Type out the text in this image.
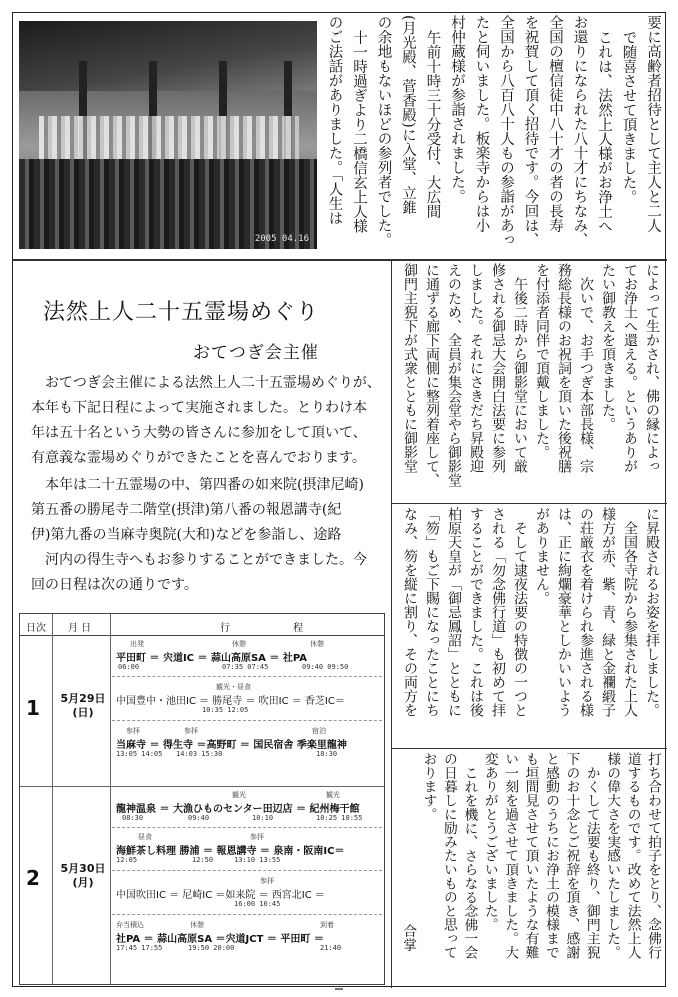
2005 04.16
要に高齢者招待として主人と二人
で随喜させて頂きました。
これは、法然上人様がお浄土へ
お還りになられた八十才にちなみ、
全国の檀信徒中八十才の者の長寿
を祝賀して頂く招待です。今回は、
全国から八百八十人もの参詣があっ
たと伺いました。板楽寺からは小
村仲蔵様が参詣されました。
午前十時三十分受付、大広間
(月光殿、菅香殿)に入堂、立錐
の余地もないほどの参列者でした。
十一時過ぎより二橋信玄上人様
のご法話がありました。「人生は
法然上人二十五霊場めぐり
おてつぎ会主催

おてつぎ会主催による法然上人二十五霊場めぐりが、

本年も下記日程によって実施されました。とりわけ本

年は五十名という大勢の皆さんに参加をして頂いて、

有意義な霊場めぐりができたことを喜んでおります。

本年は二十五霊場の中、第四番の如来院(摂津尼崎)

第五番の勝尾寺二階堂(摂津)第八番の報恩講寺(紀

伊)第九番の当麻寺奥院(大和)などを参詣し、途路

河内の得生寺へもお参りすることができました。今

回の日程は次の通りです。

によって生かされ、佛の縁によっ
てお浄土へ還える。というありが
たい御教えを頂きました。
次いで、お手つぎ本部長様、宗
務総長様のお祝詞を頂いた後祝膳
を付添者同伴で頂戴しました。
午後二時から御影堂において厳
修される御忌大会開白法要に参列
しました。それにさきだち昇殿迎
えのため、全員が集会堂やら御影堂
に通ずる廊下両側に整列着座して、
御門主猊下が式衆とともに御影堂
に昇殿されるお姿を拝しました。
全国各寺院から参集された上人
様方が赤、紫、青、緑と金襴緞子
の荘厳衣を着けられ参進される様
は、正に絢爛豪華としかいいよう
がありません。
そして逮夜法要の特徴の一つと
される「勿念佛行道」も初めて拝
することができました。これは後
柏原天皇が「御忌鳳詔」とともに
「笏」もご下賜になったことにち
なみ、笏を縦に割り、その両方を
打ち合わせて拍子をとり、念佛行
道するものです。改めて法然上人
様の偉大さを実感いたしました。
かくして法要も終り、御門主猊
下のお十念とご祝辞を頂き、感謝
と感動のうちにお浄土の模様まで
も垣間見させて頂いたような有難
い一刻を過させて頂きました。大
変ありがとうございました。
これを機に、さらなる念佛一会
の日暮しに励みたいものと思って
おります。
合掌
日次 月 日	行 程
1 5月29日
(日)
出発	休憩	休憩
平田町 ＝ 宍道IC ＝ 蒜山高原SA ＝ 社PA
06:00	07:35 07:45	09:40 09:50
観光・昼食
中国豊中・池田IC ＝ 勝尾寺 ＝ 吹田IC ＝ 香芝IC＝
10:35 12:05
参拝	参拝	宿泊
当麻寺 ＝ 得生寺 ＝高野町 ＝ 国民宿舎 季楽里龍神
13:05 14:05 14:03 15:30	18:30
2 5月30日
(月)
観光	観光
龍神温泉 ＝ 大漁ひものセンター田辺店 ＝ 紀州梅干館
08:30	09:40	10:10	10:25 10:55
昼食	参拝
海鮮茶し料理 勝浦 ＝ 報恩講寺 ＝ 泉南・阪南IC＝
12:05	12:50	13:10 13:55
参拝
中国吹田IC ＝ 尼崎IC ＝如来院 ＝ 西宮北IC ＝
16:00 16:45
弁当積込	休憩	到着
社PA ＝ 蒜山高原SA ＝宍道JCT ＝ 平田町 ＝
17:45 17:55	19:50 20:00	21:40
